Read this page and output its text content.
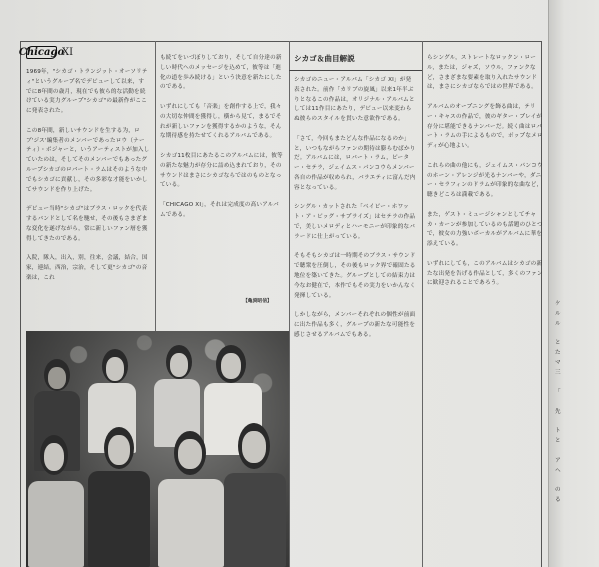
Chicago
XI
シカゴ＆曲目解説
1969年，"シカゴ・トランジット・オーソリティ"というグループ名でデビューして以来，すでに8年間の歳月，現在でも彼ら的な活動を続けている実力グループ"シカゴ"の最新作がここに発表された。

この8年間，新しいサウンドを生する为，ロブ'ジス'編集者のメンバーであったロウ（ナーティ）・ボジャーと，いうアーティストが加入していたのは，そしてそのメンバーでもあったグループシカゴのロバート・ラムはそのような中でもシカゴに貢献し，その多彩な才能をいかしてサウンドを作り上げた。

デビュー当時"シカゴ"はブラス・ロックを代表するバンドとして名を馳せ，その後もさまざまな変化を遂げながら，常に新しいファン層を獲得してきたのである。

入院，隊入，出入，別，往来，会議，結合，国家，連結，西治，宗治，そして更"シカゴ"の音楽は，これ
も続てをいづぼりしており，そして自分達の新しい時代へのメッセージを込めて，彼等は「進化の道を歩み続ける」という決意を新たにしたのである。

いずれにしても「音楽」を創作する上で，我々の大切な仲間を獲得し，横から見て，まるでそれが新しいファンを獲得するかのような，そんな期待感を持たせてくれるアルバムである。

シカゴ11枚目にあたるこのアルバムには，彼等の新たな魅力が存分に詰め込まれており，そのサウンドはまさにシカゴならではのものとなっている。

「CHICAGO XI」，それは完成度の高いアルバムである。
【亀渕昭信】
シカゴのニュー・アルバム「シカゴ XI」が発表された。前作「カリブの旋風」以来1年半ぶりとなるこの作品は，オリジナル・アルバムとしては11作目にあたり，デビュー以来変わらぬ彼らのスタイルを貫いた意欲作である。

「さて，今回もまたどんな作品になるのか」と，いつもながらファンの期待は膨らむばかりだ。アルバムには，ロバート・ラム，ピーター・セテラ，ジェイムス・パンコウらメンバー各自の作品が収められ，バラエティに富んだ内容となっている。

シングル・カットされた「ベイビー・ホワット・ア・ビッグ・サプライズ」はセテラの作品で，美しいメロディとハーモニーが印象的なバラードに仕上がっている。

そもそもシカゴは一時期そのブラス・サウンドで聴衆を圧倒し，その後もロック界で確固たる地位を築いてきた。グループとしての結束力は今なお健在で，本作でもその実力をいかんなく発揮している。

しかしながら，メンバーそれぞれの個性が前面に出た作品も多く，グループの新たな可能性を感じさせるアルバムでもある。
らシングル，ストレートなロックン・ロール，または，ジャズ，ソウル，ファンクなど，さまざまな要素を取り入れたサウンドは，まさにシカゴならではの世界である。

アルバムのオープニングを飾る曲は，テリー・キャスの作品で，彼のギター・プレイが存分に堪能できるナンバーだ。続く曲はロバート・ラムの手によるもので，ポップなメロディが心地よい。

これらの曲の他にも，ジェイムス・パンコウのホーン・アレンジが光るナンバーや，ダニー・セラフィンのドラムが印象的な曲など，聴きどころは満載である。

また，ゲスト・ミュージシャンとしてチャカ・カーンが参加しているのも話題のひとつで，彼女の力強いボーカルがアルバムに華を添えている。

いずれにしても，このアルバムはシカゴの新たな出発を告げる作品として，多くのファンに歓迎されることであろう。
ケ
ル
ル

と
た
マ
三

「

先

ト
と

ア
ヘ

の
る
